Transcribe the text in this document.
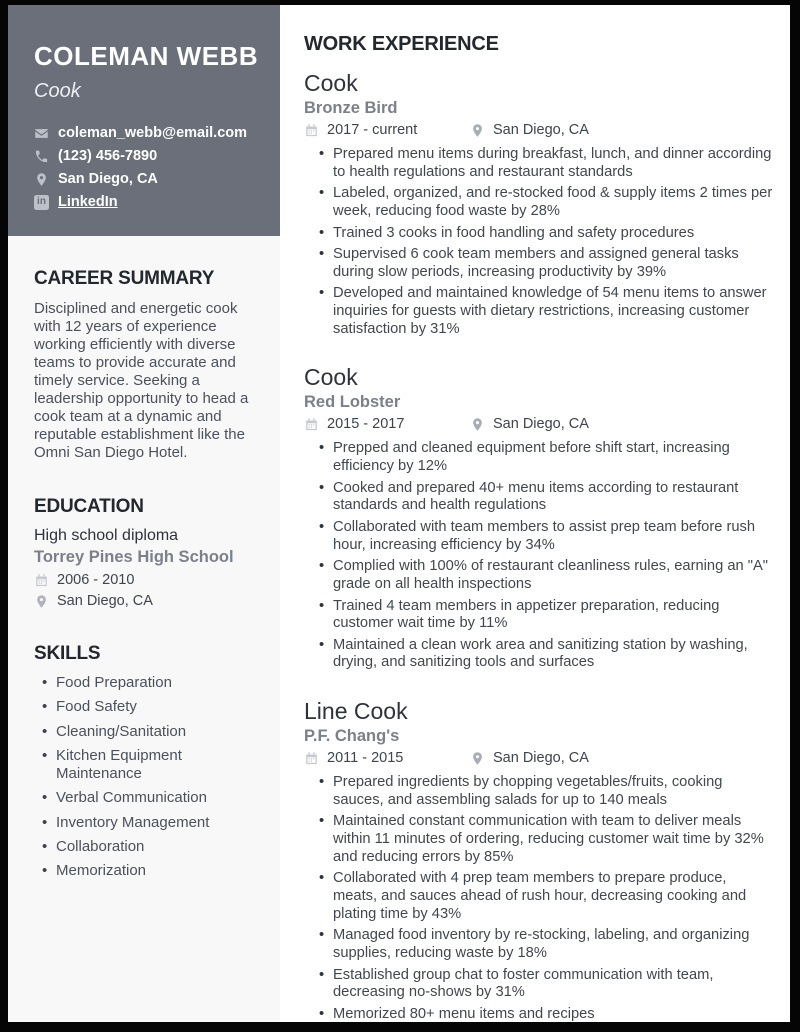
COLEMAN WEBB
Cook
coleman_webb@email.com
(123) 456-7890
San Diego, CA
in LinkedIn
CAREER SUMMARY

Disciplined and energetic cook with 12 years of experience working efficiently with diverse teams to provide accurate and timely service. Seeking a leadership opportunity to head a cook team at a dynamic and reputable establishment like the Omni San Diego Hotel.

EDUCATION
High school diploma
Torrey Pines High School
2006 - 2010
San Diego, CA
SKILLS
• Food Preparation
• Food Safety
• Cleaning/Sanitation
• Kitchen Equipment Maintenance
• Verbal Communication
• Inventory Management
• Collaboration
• Memorization
WORK EXPERIENCE
Cook
Bronze Bird
2017 - current	San Diego, CA
• Prepared menu items during breakfast, lunch, and dinner according to health regulations and restaurant standards
• Labeled, organized, and re-stocked food & supply items 2 times per week, reducing food waste by 28%
• Trained 3 cooks in food handling and safety procedures
• Supervised 6 cook team members and assigned general tasks during slow periods, increasing productivity by 39%
• Developed and maintained knowledge of 54 menu items to answer inquiries for guests with dietary restrictions, increasing customer satisfaction by 31%
Cook
Red Lobster
2015 - 2017	San Diego, CA
• Prepped and cleaned equipment before shift start, increasing efficiency by 12%
• Cooked and prepared 40+ menu items according to restaurant standards and health regulations
• Collaborated with team members to assist prep team before rush hour, increasing efficiency by 34%
• Complied with 100% of restaurant cleanliness rules, earning an "A" grade on all health inspections
• Trained 4 team members in appetizer preparation, reducing customer wait time by 11%
• Maintained a clean work area and sanitizing station by washing, drying, and sanitizing tools and surfaces
Line Cook
P.F. Chang's
2011 - 2015	San Diego, CA
• Prepared ingredients by chopping vegetables/fruits, cooking sauces, and assembling salads for up to 140 meals
• Maintained constant communication with team to deliver meals within 11 minutes of ordering, reducing customer wait time by 32% and reducing errors by 85%
• Collaborated with 4 prep team members to prepare produce, meats, and sauces ahead of rush hour, decreasing cooking and plating time by 43%
• Managed food inventory by re-stocking, labeling, and organizing supplies, reducing waste by 18%
• Established group chat to foster communication with team, decreasing no-shows by 31%
• Memorized 80+ menu items and recipes
